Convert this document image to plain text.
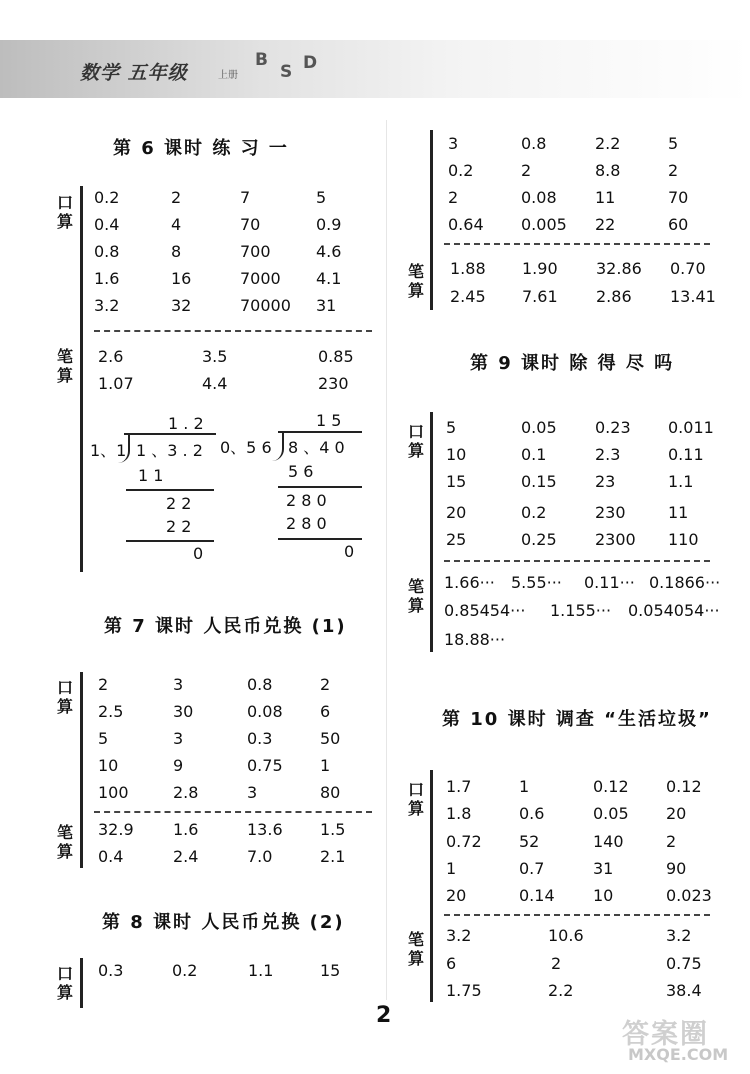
数学 五年级	上册
B
S D
第 6 课时 练 习 一
口算
0.2	2	7	5
0.4	4	70	0.9
0.8	8	700	4.6
1.6	16	7000 4.1
3.2	32	70000 31
笔算
2.6	3.5	0.85
1.07	4.4	230
1 . 2
1、1 1 、3 . 2
1 1
2 2
2 2
0
1 5
0、5 6 8 、4 0
5 6
2 8 0
2 8 0
0
第 7 课时 人民币兑换 (1)
口算
2	3	0.8	2
2.5	30	0.08 6
5	3	0.3	50
10	9	0.75 1
100	2.8	3	80
笔算
32.9 1.6	13.6 1.5
0.4	2.4	7.0	2.1
第 8 课时 人民币兑换 (2)
口算
0.3	0.2	1.1	15
3	0.8	2.2	5
0.2	2	8.8	2
2	0.08 11	70
0.64 0.005 22	60
笔算
1.88 1.90 32.86 0.70
2.45 7.61 2.86 13.41
第 9 课时 除 得 尽 吗
口算
5	0.05 0.23 0.011
10	0.1	2.3	0.11
15	0.15 23	1.1
20	0.2	230	11
25	0.25 2300 110
笔算
1.66··· 5.55··· 0.11··· 0.1866···
0.85454··· 1.155··· 0.054054···
18.88···
第 10 课时 调查 “生活垃圾”
口算
1.7	1	0.12 0.12
1.8	0.6	0.05 20
0.72 52	140	2
1	0.7	31	90
20	0.14 10	0.023
笔算
3.2	10.6	3.2
6	2	0.75
1.75	2.2	38.4
2
答案圈
MXQE.COM
